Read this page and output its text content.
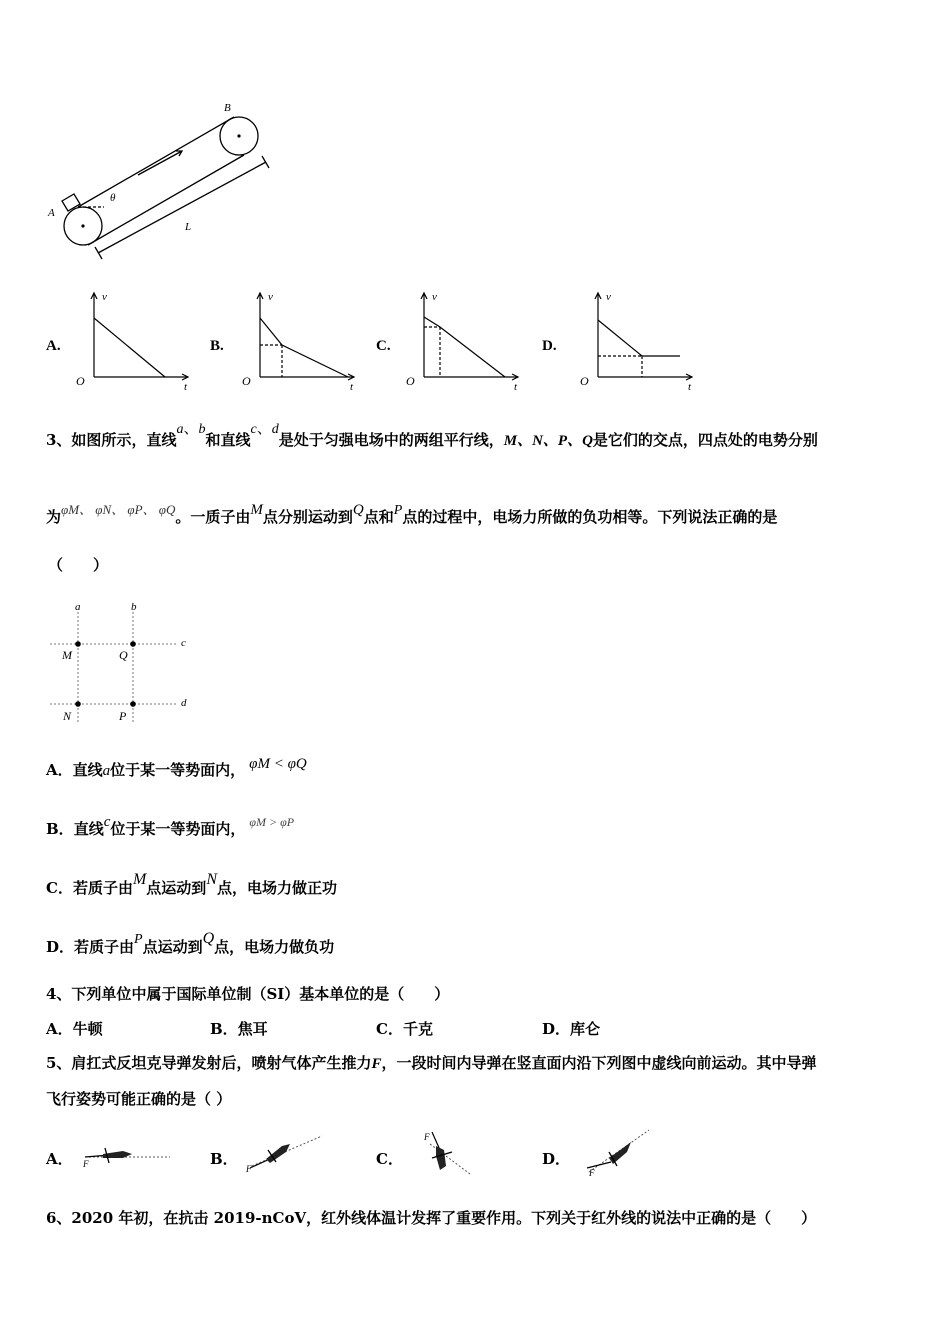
A
B
θ
L
A.
v
t
O
B.
v
t
O
C.
v
t
O
D.
v
t
O
3、如图所示，直线a、b和直线c、d是处于匀强电场中的两组平行线，M、N、P、Q是它们的交点，四点处的电势分别
为φM、 φN、 φP、 φQ。一质子由M点分别运动到Q点和P点的过程中，电场力所做的负功相等。下列说法正确的是
（　　）
a	b
c
d
M	Q
N	P
A．直线a位于某一等势面内， φM < φQ
B．直线c位于某一等势面内， $^{\varphi M > \varphi P}$
C．若质子由M点运动到N点，电场力做正功
D．若质子由P点运动到Q点，电场力做负功
4、下列单位中属于国际单位制（SI）基本单位的是（　　）
A．牛顿	B．焦耳	C．千克	D．库仑
5、肩扛式反坦克导弹发射后，喷射气体产生推力F，一段时间内导弹在竖直面内沿下列图中虚线向前运动。其中导弹
飞行姿势可能正确的是（ ）
A． F	B．
F
C．
F
D．
F
6、2020 年初，在抗击 2019-nCoV，红外线体温计发挥了重要作用。下列关于红外线的说法中正确的是（　　）
